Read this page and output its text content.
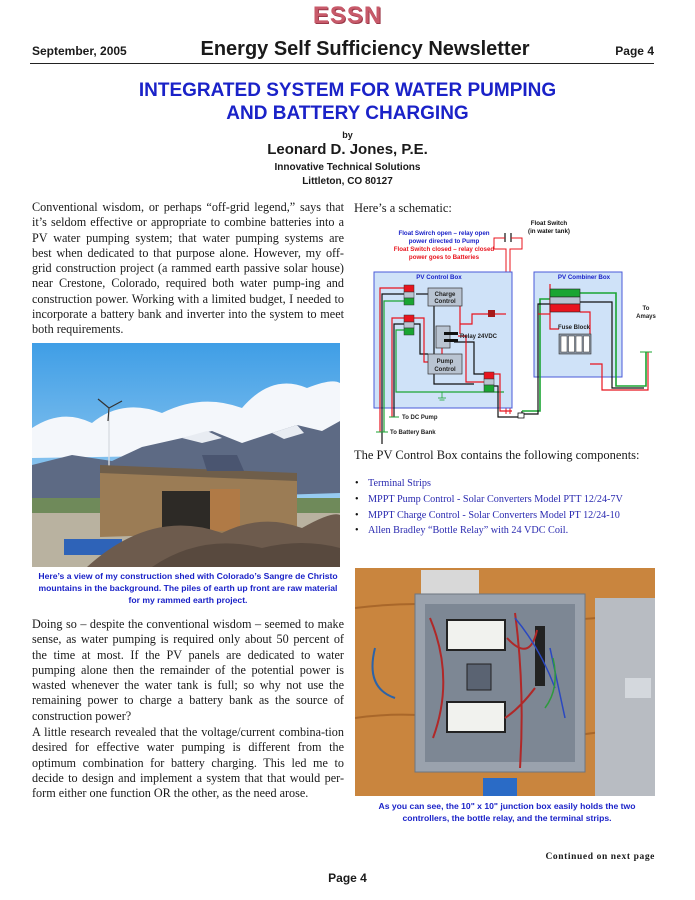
ESSN
September, 2005	Energy Self Sufficiency Newsletter	Page 4
INTEGRATED SYSTEM FOR WATER PUMPING
AND BATTERY CHARGING
by
Leonard D. Jones, P.E.
Innovative Technical Solutions
Littleton, CO 80127

Conventional wisdom, or perhaps “off-grid legend,” says that it’s seldom effective or appropriate to combine batteries into a PV water pumping system; that water pumping systems are best when dedicated to that purpose alone. However, my off-grid construction project (a rammed earth passive solar house) near Crestone, Colorado, required both water pump-ing and construction power. Working with a limited budget, I needed to incorporate a battery bank and inverter into the system to meet both requirements.

Here’s a view of my construction shed with Colorado’s Sangre de Christo mountains in the background. The piles of earth up front are raw material for my rammed earth project.

Doing so – despite the conventional wisdom – seemed to make sense, as water pumping is required only about 50 percent of the time at most. If the PV panels are dedicated to water pumping alone then the remainder of the potential power is wasted whenever the water tank is full; so why not use the remaining power to charge a battery bank as the source of construction power?

A little research revealed that the voltage/current combina-tion desired for effective water pumping is different from the optimum combination for battery charging. This led me to decide to design and implement a system that that would per-form either one function OR the other, as the need arose.

Here’s a schematic:
Float Swirch open – relay open
power directed to Pump
Float Switch closed – relay closed
power goes to Batteries
Float Switch
(in water tank)
PV Control Box	PV Combiner Box
Charge
Control
Relay 24VDC
Pump
Control
Fuse Block
To
Amays
To DC Pump
To Battery Bank
The PV Control Box contains the following components:
• Terminal Strips
• MPPT Pump Control - Solar Converters Model PTT 12/24-7V
• MPPT Charge Control - Solar Converters Model PT 12/24-10
• Allen Bradley “Bottle Relay” with 24 VDC Coil.
As you can see, the 10" x 10" junction box easily holds the two controllers, the bottle relay, and the terminal strips.
Continued on next page
Page 4
